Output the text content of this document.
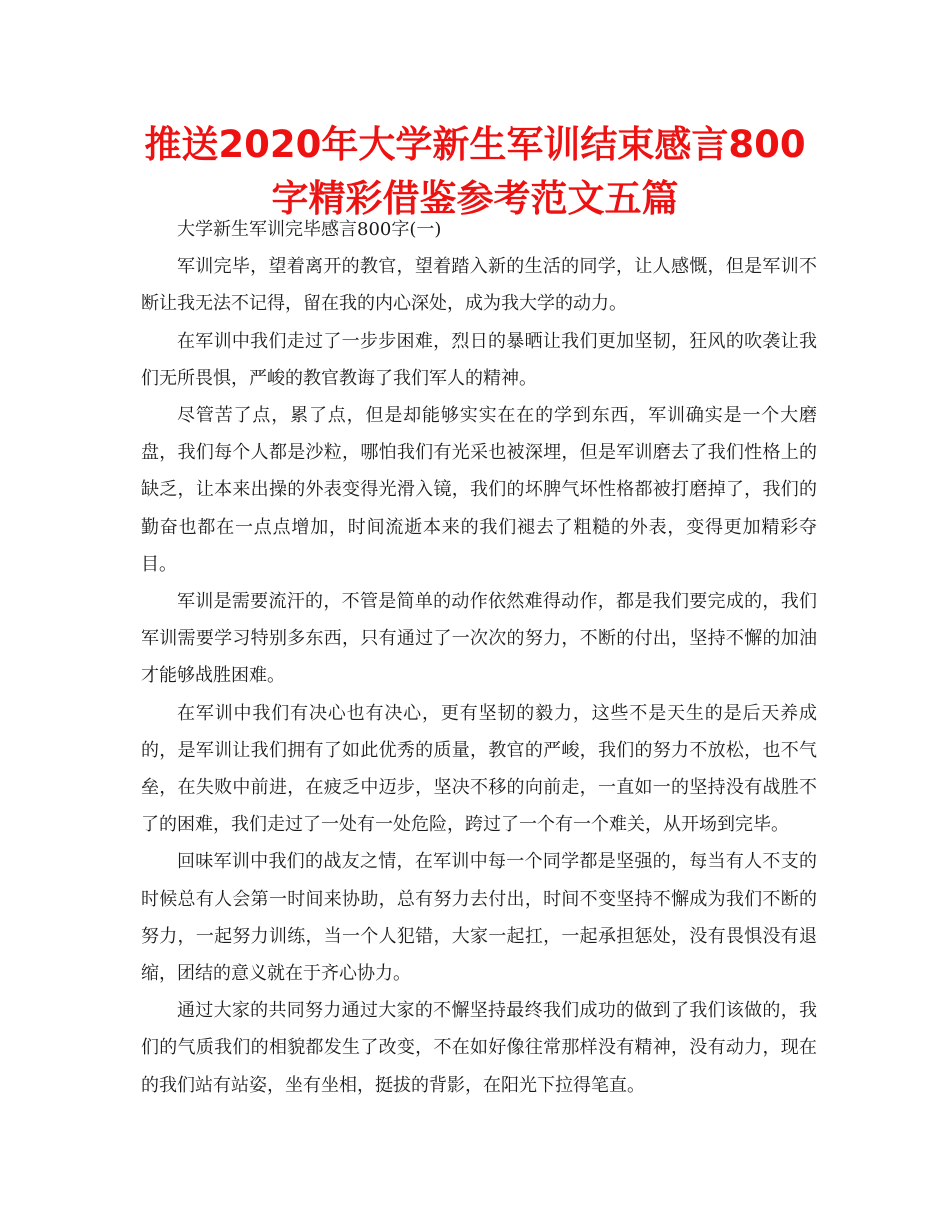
推送2020年大学新生军训结束感言800字精彩借鉴参考范文五篇

大学新生军训完毕感言800字(一)

军训完毕，望着离开的教官，望着踏入新的生活的同学，让人感慨，但是军训不断让我无法不记得，留在我的内心深处，成为我大学的动力。

在军训中我们走过了一步步困难，烈日的暴晒让我们更加坚韧，狂风的吹袭让我们无所畏惧，严峻的教官教诲了我们军人的精神。

尽管苦了点，累了点，但是却能够实实在在的学到东西，军训确实是一个大磨盘，我们每个人都是沙粒，哪怕我们有光采也被深埋，但是军训磨去了我们性格上的缺乏，让本来出操的外表变得光滑入镜，我们的坏脾气坏性格都被打磨掉了，我们的勤奋也都在一点点增加，时间流逝本来的我们褪去了粗糙的外表，变得更加精彩夺目。

军训是需要流汗的，不管是简单的动作依然难得动作，都是我们要完成的，我们军训需要学习特别多东西，只有通过了一次次的努力，不断的付出，坚持不懈的加油才能够战胜困难。

在军训中我们有决心也有决心，更有坚韧的毅力，这些不是天生的是后天养成的，是军训让我们拥有了如此优秀的质量，教官的严峻，我们的努力不放松，也不气垒，在失败中前进，在疲乏中迈步，坚决不移的向前走，一直如一的坚持没有战胜不了的困难，我们走过了一处有一处危险，跨过了一个有一个难关，从开场到完毕。

回味军训中我们的战友之情，在军训中每一个同学都是坚强的，每当有人不支的时候总有人会第一时间来协助，总有努力去付出，时间不变坚持不懈成为我们不断的努力，一起努力训练，当一个人犯错，大家一起扛，一起承担惩处，没有畏惧没有退缩，团结的意义就在于齐心协力。

通过大家的共同努力通过大家的不懈坚持最终我们成功的做到了我们该做的，我们的气质我们的相貌都发生了改变，不在如好像往常那样没有精神，没有动力，现在的我们站有站姿，坐有坐相，挺拔的背影，在阳光下拉得笔直。
